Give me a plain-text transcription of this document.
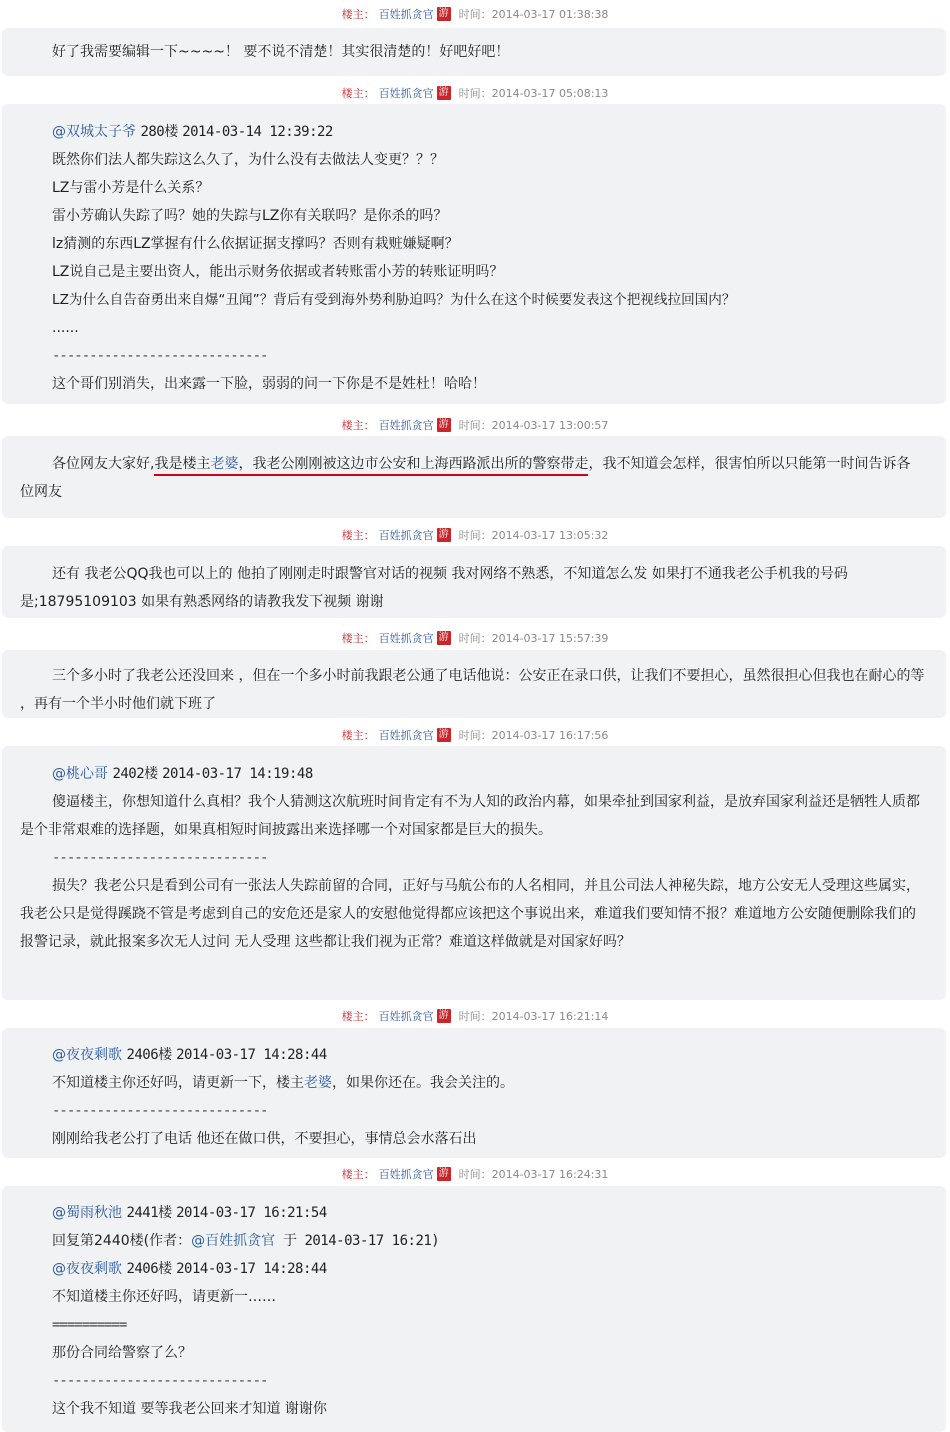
楼主： 百姓抓贪官 游 时间： 2014-03-17 01:38:38

好了我需要编辑一下~~~~！ 要不说不清楚！其实很清楚的！好吧好吧！

楼主： 百姓抓贪官 游 时间： 2014-03-17 05:08:13

@双城太子爷 280楼 2014-03-14 12:39:22

既然你们法人都失踪这么久了，为什么没有去做法人变更？？？

LZ与雷小芳是什么关系？

雷小芳确认失踪了吗？她的失踪与LZ你有关联吗？是你杀的吗？

lz猜测的东西LZ掌握有什么依据证据支撑吗？否则有栽赃嫌疑啊？

LZ说自己是主要出资人，能出示财务依据或者转账雷小芳的转账证明吗？

LZ为什么自告奋勇出来自爆“丑闻”？背后有受到海外势利胁迫吗？为什么在这个时候要发表这个把视线拉回国内？

......

-----------------------------

这个哥们别消失，出来露一下脸，弱弱的问一下你是不是姓杜！哈哈！

楼主： 百姓抓贪官 游 时间： 2014-03-17 13:00:57

各位网友大家好,我是楼主老婆，我老公刚刚被这边市公安和上海西路派出所的警察带走，我不知道会怎样，很害怕所以只能第一时间告诉各位网友

楼主： 百姓抓贪官 游 时间： 2014-03-17 13:05:32

还有 我老公QQ我也可以上的 他拍了刚刚走时跟警官对话的视频 我对网络不熟悉，不知道怎么发 如果打不通我老公手机我的号码是;18795109103 如果有熟悉网络的请教我发下视频 谢谢

楼主： 百姓抓贪官 游 时间： 2014-03-17 15:57:39

三个多小时了我老公还没回来 ，但在一个多小时前我跟老公通了电话他说：公安正在录口供，让我们不要担心，虽然很担心但我也在耐心的等 ，再有一个半小时他们就下班了

楼主： 百姓抓贪官 游 时间： 2014-03-17 16:17:56

@桃心哥 2402楼 2014-03-17 14:19:48

傻逼楼主，你想知道什么真相？我个人猜测这次航班时间肯定有不为人知的政治内幕，如果牵扯到国家利益，是放弃国家利益还是牺牲人质都是个非常艰难的选择题，如果真相短时间披露出来选择哪一个对国家都是巨大的损失。

-----------------------------

损失？我老公只是看到公司有一张法人失踪前留的合同，正好与马航公布的人名相同，并且公司法人神秘失踪，地方公安无人受理这些属实，我老公只是觉得蹊跷不管是考虑到自己的安危还是家人的安慰他觉得都应该把这个事说出来，难道我们要知情不报？难道地方公安随便删除我们的报警记录，就此报案多次无人过问 无人受理 这些都让我们视为正常？难道这样做就是对国家好吗？

楼主： 百姓抓贪官 游 时间： 2014-03-17 16:21:14

@夜夜剩歌 2406楼 2014-03-17 14:28:44

不知道楼主你还好吗，请更新一下，楼主老婆，如果你还在。我会关注的。

-----------------------------

刚刚给我老公打了电话 他还在做口供，不要担心，事情总会水落石出

楼主： 百姓抓贪官 游 时间： 2014-03-17 16:24:31

@蜀雨秋池 2441楼 2014-03-17 16:21:54

回复第2440楼(作者：@百姓抓贪官 于 2014-03-17 16:21)

@夜夜剩歌 2406楼 2014-03-17 14:28:44

不知道楼主你还好吗，请更新一……

==========

那份合同给警察了么？

-----------------------------

这个我不知道 要等我老公回来才知道 谢谢你
